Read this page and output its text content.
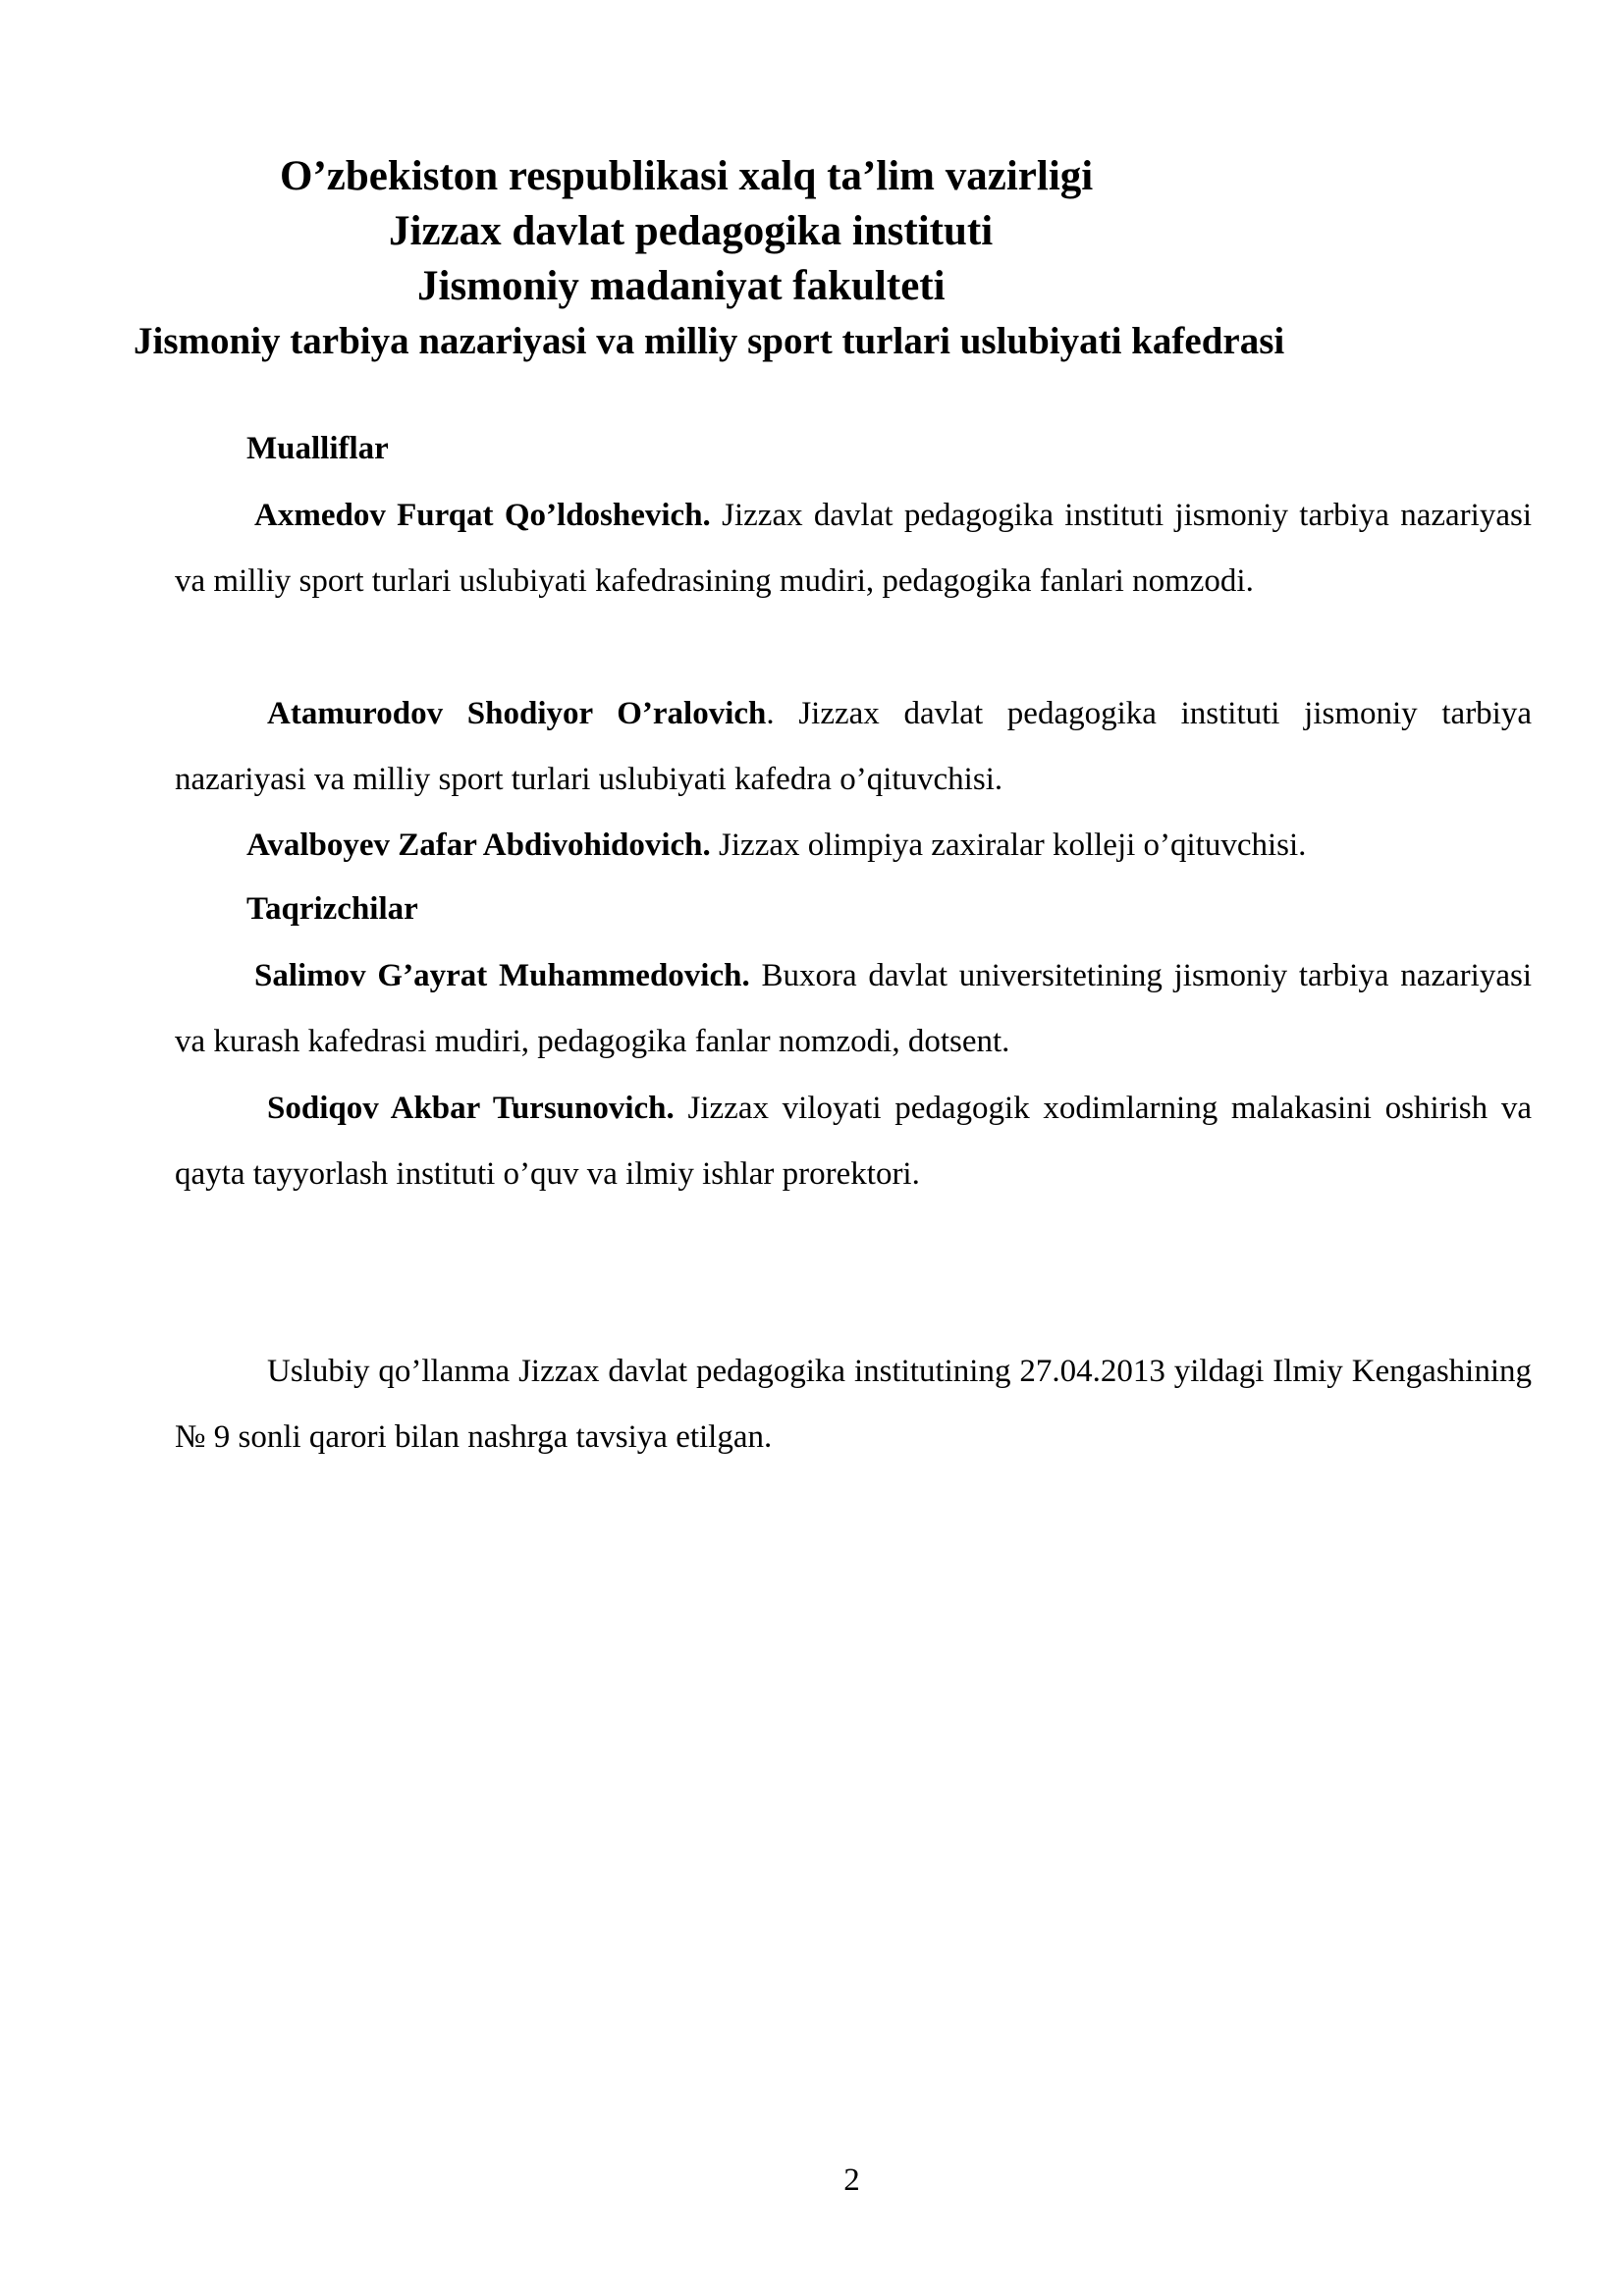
O’zbekiston respublikasi xalq ta’lim vazirligi
Jizzax davlat pedagogika instituti
Jismoniy madaniyat fakulteti
Jismoniy tarbiya nazariyasi va milliy sport turlari uslubiyati kafedrasi

Mualliflar

Axmedov Furqat Qo’ldoshevich. Jizzax davlat pedagogika instituti jismoniy tarbiya nazariyasi va milliy sport turlari uslubiyati kafedrasining mudiri, pedagogika fanlari nomzodi.

Atamurodov Shodiyor O’ralovich. Jizzax davlat pedagogika instituti jismoniy tarbiya nazariyasi va milliy sport turlari uslubiyati kafedra o’qituvchisi.

Avalboyev Zafar Abdivohidovich. Jizzax olimpiya zaxiralar kolleji o’qituvchisi.

Taqrizchilar

Salimov G’ayrat Muhammedovich. Buxora davlat universitetining jismoniy tarbiya nazariyasi va kurash kafedrasi mudiri, pedagogika fanlar nomzodi, dotsent.

Sodiqov Akbar Tursunovich. Jizzax viloyati pedagogik xodimlarning malakasini oshirish va qayta tayyorlash instituti o’quv va ilmiy ishlar prorektori.

Uslubiy qo’llanma Jizzax davlat pedagogika institutining 27.04.2013 yildagi Ilmiy Kengashining № 9 sonli qarori bilan nashrga tavsiya etilgan.

2
